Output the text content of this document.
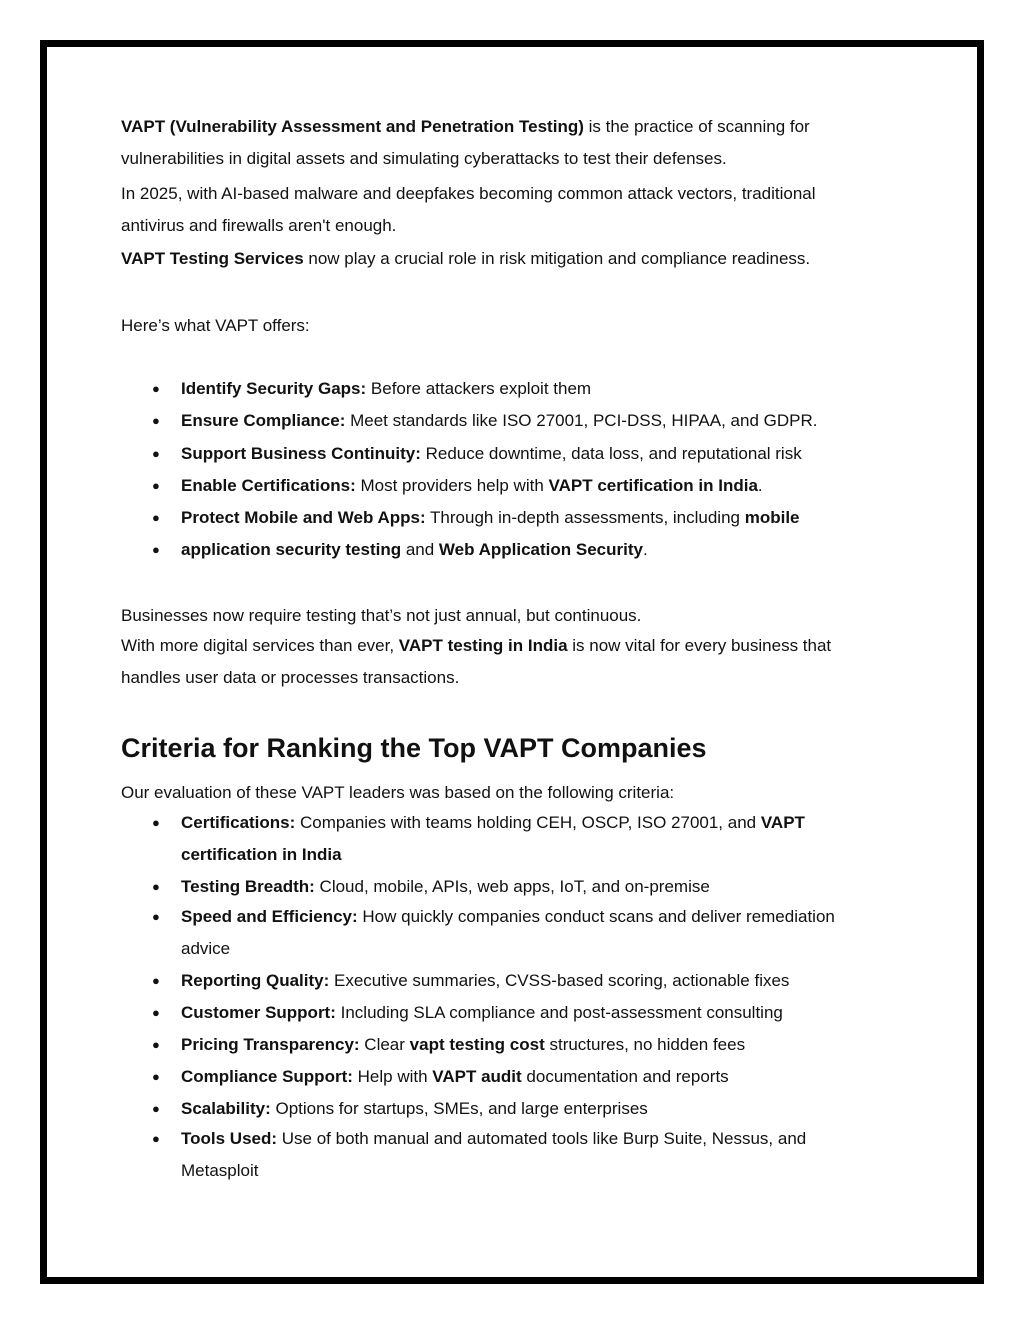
VAPT (Vulnerability Assessment and Penetration Testing) is the practice of scanning for
vulnerabilities in digital assets and simulating cyberattacks to test their defenses.
In 2025, with AI-based malware and deepfakes becoming common attack vectors, traditional
antivirus and firewalls aren't enough.
VAPT Testing Services now play a crucial role in risk mitigation and compliance readiness.
Here’s what VAPT offers:
● Identify Security Gaps: Before attackers exploit them
● Ensure Compliance: Meet standards like ISO 27001, PCI-DSS, HIPAA, and GDPR.
● Support Business Continuity: Reduce downtime, data loss, and reputational risk
● Enable Certifications: Most providers help with VAPT certification in India.
● Protect Mobile and Web Apps: Through in-depth assessments, including mobile
● application security testing and Web Application Security.
Businesses now require testing that’s not just annual, but continuous.
With more digital services than ever, VAPT testing in India is now vital for every business that
handles user data or processes transactions.
Criteria for Ranking the Top VAPT Companies
Our evaluation of these VAPT leaders was based on the following criteria:
● Certifications: Companies with teams holding CEH, OSCP, ISO 27001, and VAPT
certification in India
● Testing Breadth: Cloud, mobile, APIs, web apps, IoT, and on-premise
● Speed and Efficiency: How quickly companies conduct scans and deliver remediation
advice
● Reporting Quality: Executive summaries, CVSS-based scoring, actionable fixes
● Customer Support: Including SLA compliance and post-assessment consulting
● Pricing Transparency: Clear vapt testing cost structures, no hidden fees
● Compliance Support: Help with VAPT audit documentation and reports
● Scalability: Options for startups, SMEs, and large enterprises
● Tools Used: Use of both manual and automated tools like Burp Suite, Nessus, and
Metasploit
